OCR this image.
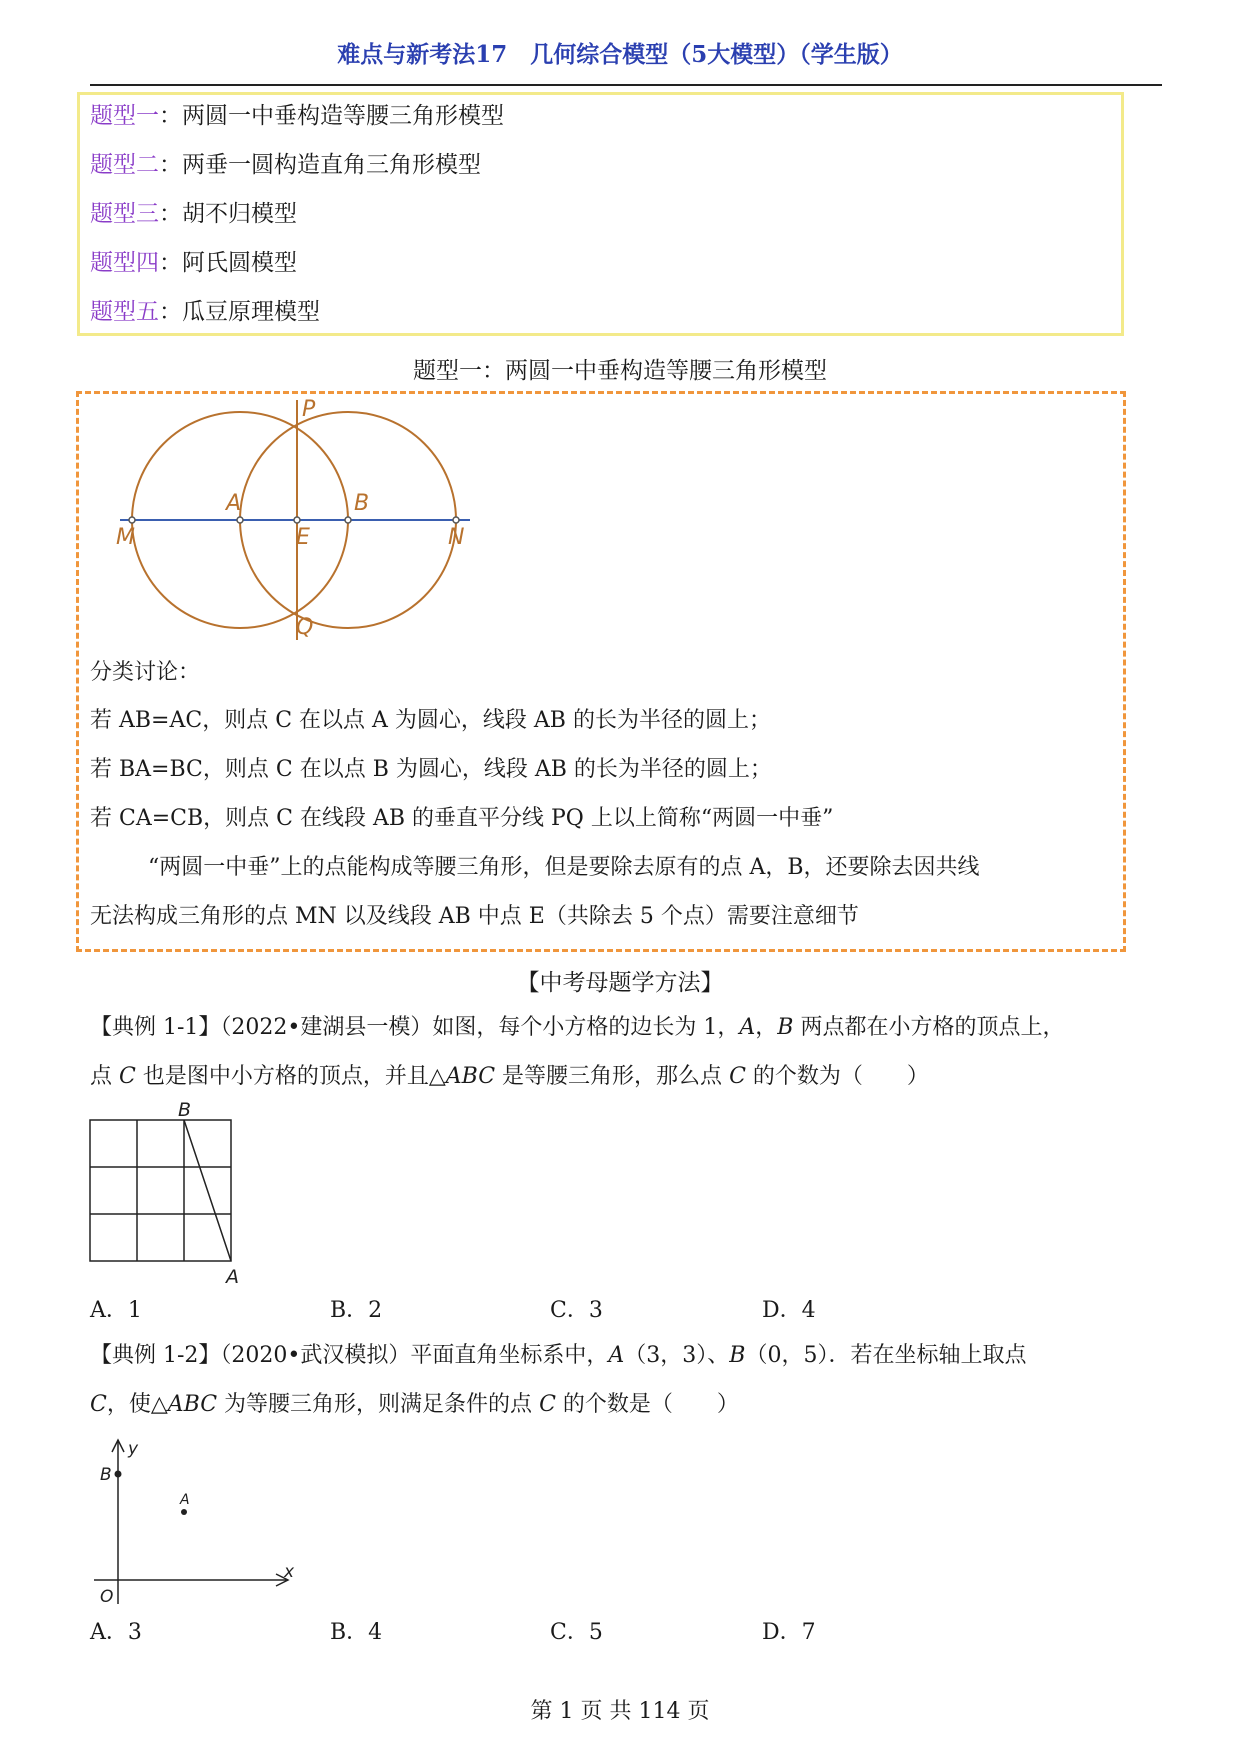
难点与新考法17　几何综合模型（5大模型）（学生版）
题型一：两圆一中垂构造等腰三角形模型
题型二：两垂一圆构造直角三角形模型
题型三：胡不归模型
题型四：阿氏圆模型
题型五：瓜豆原理模型
题型一：两圆一中垂构造等腰三角形模型
P
A	B
M	E	N
Q
分类讨论：
若 AB=AC，则点 C 在以点 A 为圆心，线段 AB 的长为半径的圆上；
若 BA=BC，则点 C 在以点 B 为圆心，线段 AB 的长为半径的圆上；
若 CA=CB，则点 C 在线段 AB 的垂直平分线 PQ 上以上简称“两圆一中垂”
“两圆一中垂”上的点能构成等腰三角形，但是要除去原有的点 A，B，还要除去因共线
无法构成三角形的点 MN 以及线段 AB 中点 E（共除去 5 个点）需要注意细节
【中考母题学方法】
【典例 1-1】（2022•建湖县一模）如图，每个小方格的边长为 1，A，B 两点都在小方格的顶点上，
点 C 也是图中小方格的顶点，并且△ABC 是等腰三角形，那么点 C 的个数为（　　）
B
A
A．1	B．2	C．3	D．4
【典例 1-2】（2020•武汉模拟）平面直角坐标系中，A（3，3）、B（0，5）．若在坐标轴上取点
C，使△ABC 为等腰三角形，则满足条件的点 C 的个数是（　　）
y
x
B
A
O
A．3	B．4	C．5	D．7
第 1 页 共 114 页
